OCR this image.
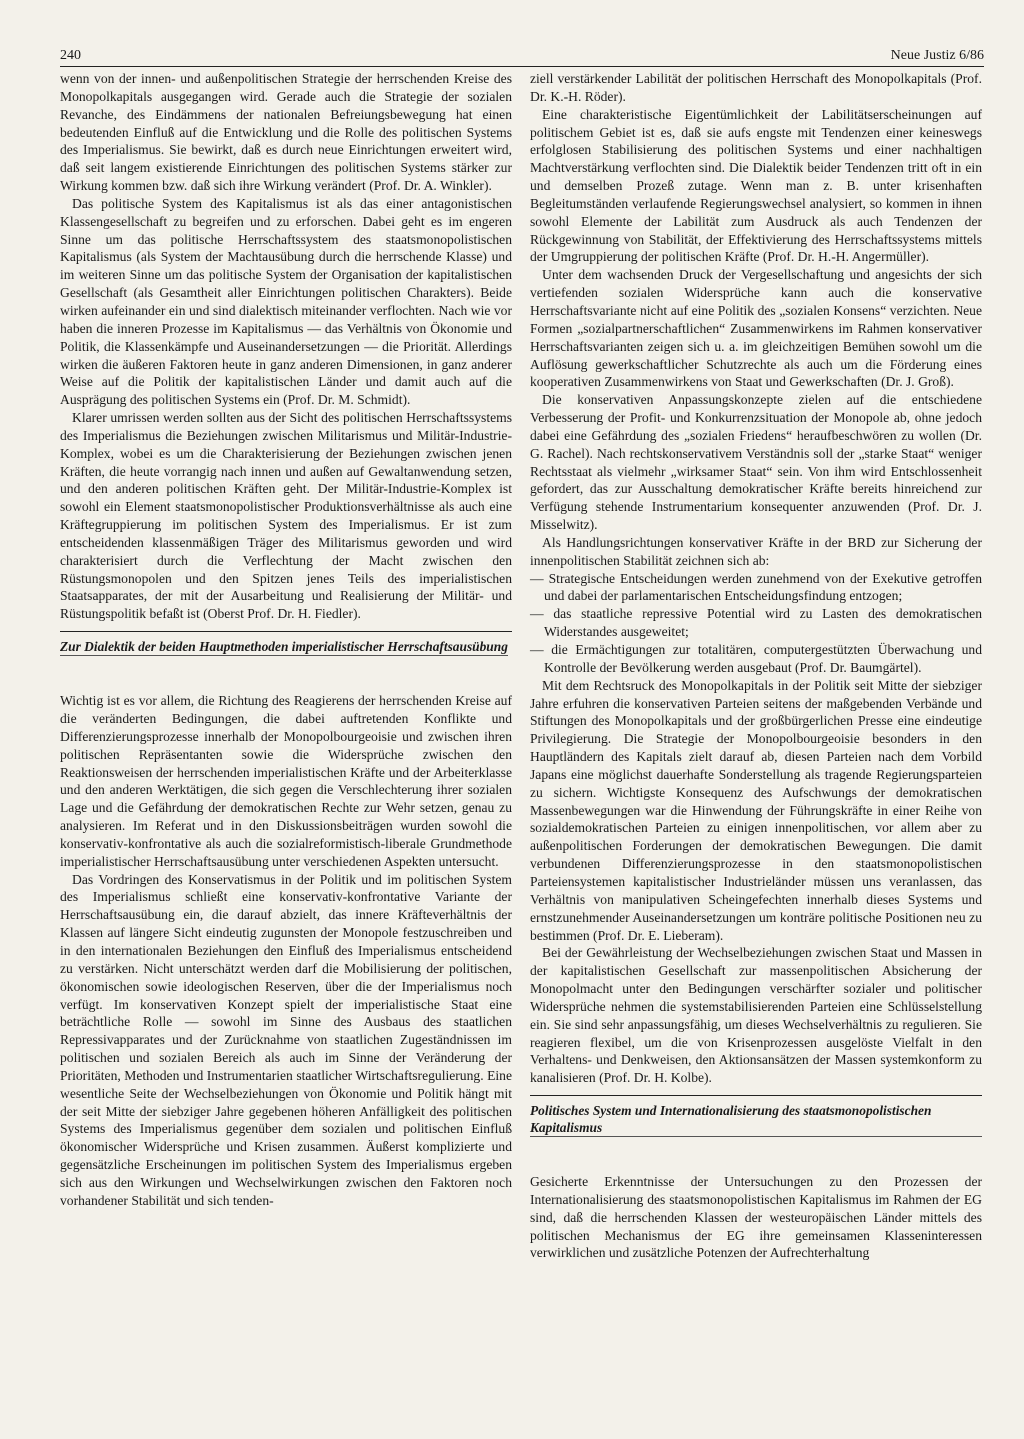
240	Neue Justiz 6/86

wenn von der innen- und außenpolitischen Strategie der herrschenden Kreise des Monopolkapitals ausgegangen wird. Gerade auch die Strategie der sozialen Revanche, des Eindämmens der nationalen Befreiungsbewegung hat einen bedeutenden Einfluß auf die Entwicklung und die Rolle des politischen Systems des Imperialismus. Sie bewirkt, daß es durch neue Einrichtungen erweitert wird, daß seit langem existierende Einrichtungen des politischen Systems stärker zur Wirkung kommen bzw. daß sich ihre Wirkung verändert (Prof. Dr. A. Winkler).

Das politische System des Kapitalismus ist als das einer antagonistischen Klassengesellschaft zu begreifen und zu erforschen. Dabei geht es im engeren Sinne um das politische Herrschaftssystem des staatsmonopolistischen Kapitalismus (als System der Machtausübung durch die herrschende Klasse) und im weiteren Sinne um das politische System der Organisation der kapitalistischen Gesellschaft (als Gesamtheit aller Einrichtungen politischen Charakters). Beide wirken aufeinander ein und sind dialektisch miteinander verflochten. Nach wie vor haben die inneren Prozesse im Kapitalismus — das Verhältnis von Ökonomie und Politik, die Klassenkämpfe und Auseinandersetzungen — die Priorität. Allerdings wirken die äußeren Faktoren heute in ganz anderen Dimensionen, in ganz anderer Weise auf die Politik der kapitalistischen Länder und damit auch auf die Ausprägung des politischen Systems ein (Prof. Dr. M. Schmidt).

Klarer umrissen werden sollten aus der Sicht des politischen Herrschaftssystems des Imperialismus die Beziehungen zwischen Militarismus und Militär-Industrie-Komplex, wobei es um die Charakterisierung der Beziehungen zwischen jenen Kräften, die heute vorrangig nach innen und außen auf Gewaltanwendung setzen, und den anderen politischen Kräften geht. Der Militär-Industrie-Komplex ist sowohl ein Element staatsmonopolistischer Produktionsverhältnisse als auch eine Kräftegruppierung im politischen System des Imperialismus. Er ist zum entscheidenden klassenmäßigen Träger des Militarismus geworden und wird charakterisiert durch die Verflechtung der Macht zwischen den Rüstungsmonopolen und den Spitzen jenes Teils des imperialistischen Staatsapparates, der mit der Ausarbeitung und Realisierung der Militär- und Rüstungspolitik befaßt ist (Oberst Prof. Dr. H. Fiedler).

Zur Dialektik der beiden Hauptmethoden imperialistischer Herrschaftsausübung

Wichtig ist es vor allem, die Richtung des Reagierens der herrschenden Kreise auf die veränderten Bedingungen, die dabei auftretenden Konflikte und Differenzierungsprozesse innerhalb der Monopolbourgeoisie und zwischen ihren politischen Repräsentanten sowie die Widersprüche zwischen den Reaktionsweisen der herrschenden imperialistischen Kräfte und der Arbeiterklasse und den anderen Werktätigen, die sich gegen die Verschlechterung ihrer sozialen Lage und die Gefährdung der demokratischen Rechte zur Wehr setzen, genau zu analysieren. Im Referat und in den Diskussionsbeiträgen wurden sowohl die konservativ-konfrontative als auch die sozialreformistisch-liberale Grundmethode imperialistischer Herrschaftsausübung unter verschiedenen Aspekten untersucht.

Das Vordringen des Konservatismus in der Politik und im politischen System des Imperialismus schließt eine konservativ-konfrontative Variante der Herrschaftsausübung ein, die darauf abzielt, das innere Kräfteverhältnis der Klassen auf längere Sicht eindeutig zugunsten der Monopole festzuschreiben und in den internationalen Beziehungen den Einfluß des Imperialismus entscheidend zu verstärken. Nicht unterschätzt werden darf die Mobilisierung der politischen, ökonomischen sowie ideologischen Reserven, über die der Imperialismus noch verfügt. Im konservativen Konzept spielt der imperialistische Staat eine beträchtliche Rolle — sowohl im Sinne des Ausbaus des staatlichen Repressivapparates und der Zurücknahme von staatlichen Zugeständnissen im politischen und sozialen Bereich als auch im Sinne der Veränderung der Prioritäten, Methoden und Instrumentarien staatlicher Wirtschaftsregulierung. Eine wesentliche Seite der Wechselbeziehungen von Ökonomie und Politik hängt mit der seit Mitte der siebziger Jahre gegebenen höheren Anfälligkeit des politischen Systems des Imperialismus gegenüber dem sozialen und politischen Einfluß ökonomischer Widersprüche und Krisen zusammen. Äußerst komplizierte und gegensätzliche Erscheinungen im politischen System des Imperialismus ergeben sich aus den Wirkungen und Wechselwirkungen zwischen den Faktoren noch vorhandener Stabilität und sich tenden-

ziell verstärkender Labilität der politischen Herrschaft des Monopolkapitals (Prof. Dr. K.-H. Röder).

Eine charakteristische Eigentümlichkeit der Labilitätserscheinungen auf politischem Gebiet ist es, daß sie aufs engste mit Tendenzen einer keineswegs erfolglosen Stabilisierung des politischen Systems und einer nachhaltigen Machtverstärkung verflochten sind. Die Dialektik beider Tendenzen tritt oft in ein und demselben Prozeß zutage. Wenn man z. B. unter krisenhaften Begleitumständen verlaufende Regierungswechsel analysiert, so kommen in ihnen sowohl Elemente der Labilität zum Ausdruck als auch Tendenzen der Rückgewinnung von Stabilität, der Effektivierung des Herrschaftssystems mittels der Umgruppierung der politischen Kräfte (Prof. Dr. H.-H. Angermüller).

Unter dem wachsenden Druck der Vergesellschaftung und angesichts der sich vertiefenden sozialen Widersprüche kann auch die konservative Herrschaftsvariante nicht auf eine Politik des „sozialen Konsens“ verzichten. Neue Formen „sozialpartnerschaftlichen“ Zusammenwirkens im Rahmen konservativer Herrschaftsvarianten zeigen sich u. a. im gleichzeitigen Bemühen sowohl um die Auflösung gewerkschaftlicher Schutzrechte als auch um die Förderung eines kooperativen Zusammenwirkens von Staat und Gewerkschaften (Dr. J. Groß).

Die konservativen Anpassungskonzepte zielen auf die entschiedene Verbesserung der Profit- und Konkurrenzsituation der Monopole ab, ohne jedoch dabei eine Gefährdung des „sozialen Friedens“ heraufbeschwören zu wollen (Dr. G. Rachel). Nach rechtskonservativem Verständnis soll der „starke Staat“ weniger Rechtsstaat als vielmehr „wirksamer Staat“ sein. Von ihm wird Entschlossenheit gefordert, das zur Ausschaltung demokratischer Kräfte bereits hinreichend zur Verfügung stehende Instrumentarium konsequenter anzuwenden (Prof. Dr. J. Misselwitz).

Als Handlungsrichtungen konservativer Kräfte in der BRD zur Sicherung der innenpolitischen Stabilität zeichnen sich ab:

— Strategische Entscheidungen werden zunehmend von der Exekutive getroffen und dabei der parlamentarischen Entscheidungsfindung entzogen;
— das staatliche repressive Potential wird zu Lasten des demokratischen Widerstandes ausgeweitet;
— die Ermächtigungen zur totalitären, computergestützten Überwachung und Kontrolle der Bevölkerung werden ausgebaut (Prof. Dr. Baumgärtel).

Mit dem Rechtsruck des Monopolkapitals in der Politik seit Mitte der siebziger Jahre erfuhren die konservativen Parteien seitens der maßgebenden Verbände und Stiftungen des Monopolkapitals und der großbürgerlichen Presse eine eindeutige Privilegierung. Die Strategie der Monopolbourgeoisie besonders in den Hauptländern des Kapitals zielt darauf ab, diesen Parteien nach dem Vorbild Japans eine möglichst dauerhafte Sonderstellung als tragende Regierungsparteien zu sichern. Wichtigste Konsequenz des Aufschwungs der demokratischen Massenbewegungen war die Hinwendung der Führungskräfte in einer Reihe von sozialdemokratischen Parteien zu einigen innenpolitischen, vor allem aber zu außenpolitischen Forderungen der demokratischen Bewegungen. Die damit verbundenen Differenzierungsprozesse in den staatsmonopolistischen Parteiensystemen kapitalistischer Industrieländer müssen uns veranlassen, das Verhältnis von manipulativen Scheingefechten innerhalb dieses Systems und ernstzunehmender Auseinandersetzungen um konträre politische Positionen neu zu bestimmen (Prof. Dr. E. Lieberam).

Bei der Gewährleistung der Wechselbeziehungen zwischen Staat und Massen in der kapitalistischen Gesellschaft zur massenpolitischen Absicherung der Monopolmacht unter den Bedingungen verschärfter sozialer und politischer Widersprüche nehmen die systemstabilisierenden Parteien eine Schlüsselstellung ein. Sie sind sehr anpassungsfähig, um dieses Wechselverhältnis zu regulieren. Sie reagieren flexibel, um die von Krisenprozessen ausgelöste Vielfalt in den Verhaltens- und Denkweisen, den Aktionsansätzen der Massen systemkonform zu kanalisieren (Prof. Dr. H. Kolbe).

Politisches System und Internationalisierung des staatsmonopolistischen Kapitalismus

Gesicherte Erkenntnisse der Untersuchungen zu den Prozessen der Internationalisierung des staatsmonopolistischen Kapitalismus im Rahmen der EG sind, daß die herrschenden Klassen der westeuropäischen Länder mittels des politischen Mechanismus der EG ihre gemeinsamen Klasseninteressen verwirklichen und zusätzliche Potenzen der Aufrechterhaltung
